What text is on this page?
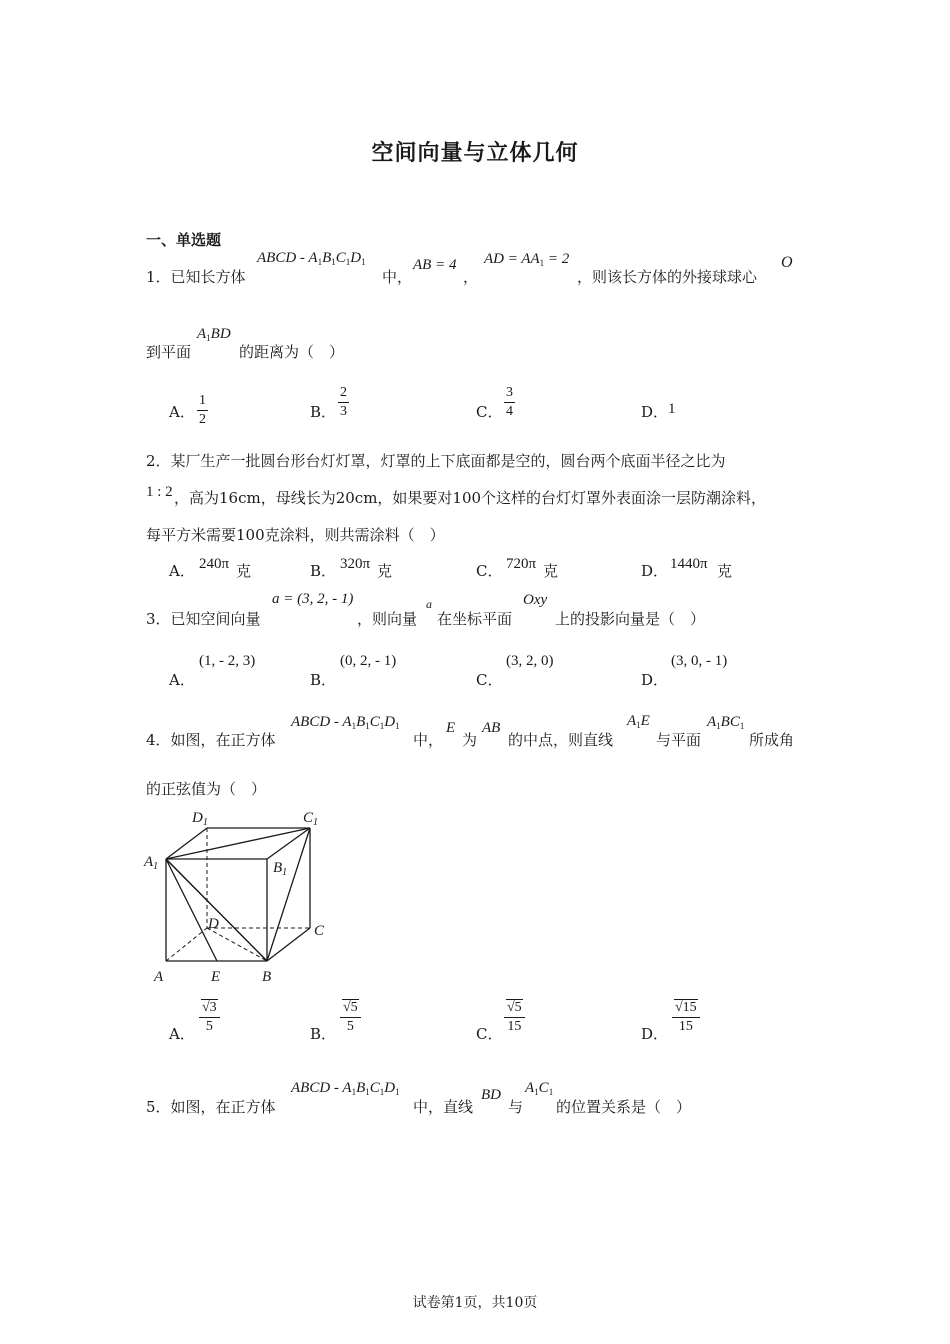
空间向量与立体几何
一、单选题
1．已知长方体
ABCD - $A_1B_1C_1D_1$
中，
AB = 4
，
AD = $AA_1 = 2$
，则该长方体的外接球球心
O
到平面
$A_1BD$
的距离为（　）
A．
1
2	B．
2
3	C．
3
4	D． 1
2．某厂生产一批圆台形台灯灯罩，灯罩的上下底面都是空的，圆台两个底面半径之比为
1 : 2 ，高为16cm，母线长为20cm，如果要对100个这样的台灯灯罩外表面涂一层防潮涂料，
每平方米需要100克涂料，则共需涂料（　）
A． 240π 克	B． 320π 克	C． 720π 克	D． 1440π 克
3．已知空间向量
a = (3, 2, - 1)
，则向量
a
在坐标平面
Oxy
上的投影向量是（　）
A．
(1, - 2, 3)
B．
(0, 2, - 1)
C．
(3, 2, 0)
D．
(3, 0, - 1)
4．如图，在正方体
ABCD - $A_1B_1C_1D_1$
中，
E
为
AB
的中点，则直线
$A_1E$
与平面
$A_1BC_1$
所成角
的正弦值为（　）
$D_1$	$C_1$
$A_1$	$B_1$
D	C
A	E	B
A．
√3
5	B．
√5
5	C．
√5
15	D．
√15
15
5．如图，在正方体
ABCD - $A_1B_1C_1D_1$
中，直线
BD
与
$A_1C_1$
的位置关系是（　）
试卷第1页，共10页
